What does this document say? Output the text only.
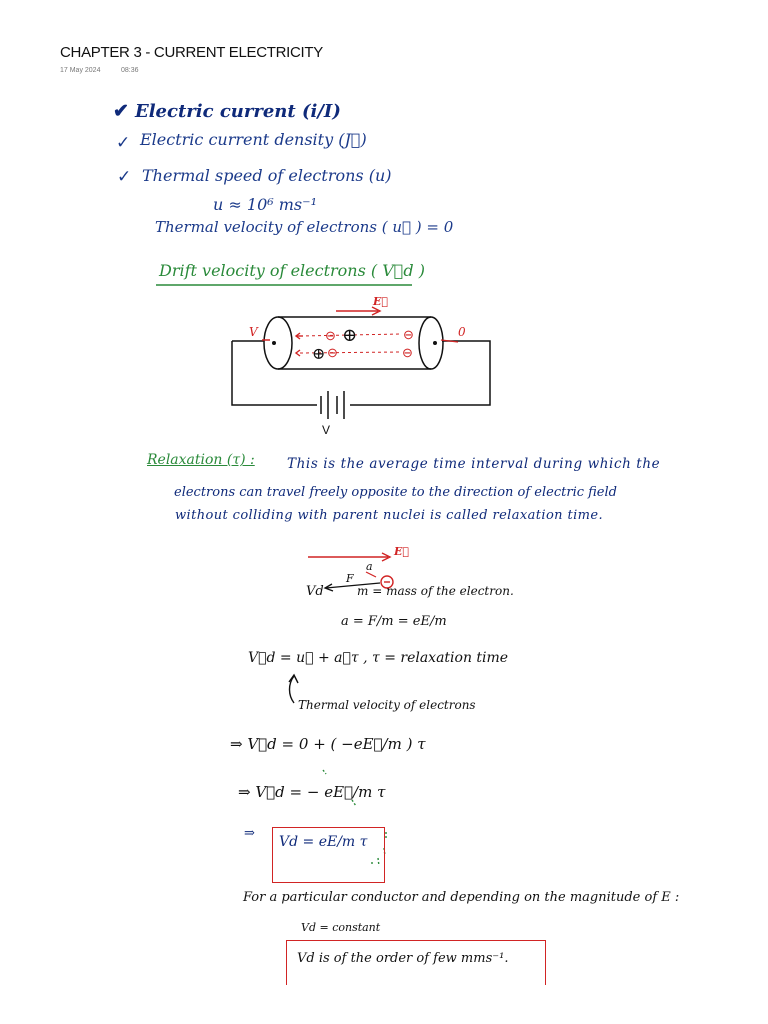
CHAPTER 3 - CURRENT ELECTRICITY
17 May 2024	08:36
✔ Electric current (i/I)
✓ Electric current density (J⃗)
✓ Thermal speed of electrons (u)
u ≈ 10⁶ ms⁻¹
Thermal velocity of electrons ( u⃗ ) = 0
Drift velocity of electrons ( V⃗d )
E⃗
V	0
⊕
⊕
⊖	⊖
⊖	⊖
V
Relaxation (τ) : This is the average time interval during which the
electrons can travel freely opposite to the direction of electric field
without colliding with parent nuclei is called relaxation time.
E⃗
a
F
Vd	m = mass of the electron.
a = F/m = eE/m
V⃗d = u⃗ + a⃗τ , τ = relaxation time
Thermal velocity of electrons
⇒ V⃗d = 0 + ( −eE⃗/m ) τ
⇒ V⃗d = − eE⃗/m τ
⇒
Vd = eE/m τ
For a particular conductor and depending on the magnitude of E :
Vd = constant
Vd is of the order of few mms⁻¹.
